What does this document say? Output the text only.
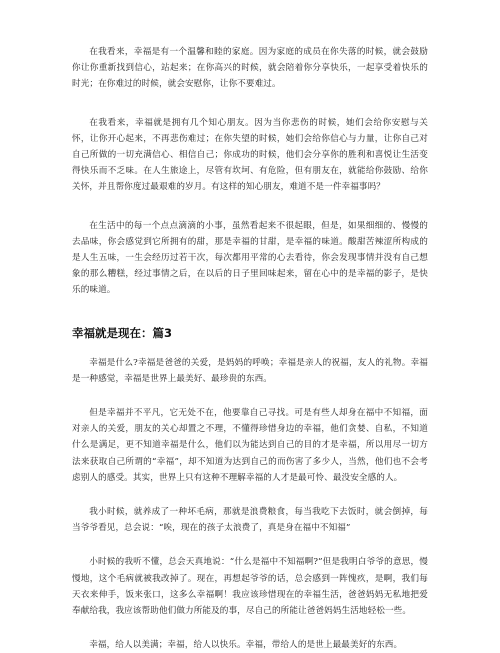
在我看来，幸福是有一个温馨和睦的家庭。因为家庭的成员在你失落的时候，就会鼓励你让你重新找到信心，站起来；在你高兴的时候，就会陪着你分享快乐，一起享受着快乐的时光；在你难过的时候，就会安慰你，让你不要难过。

在我看来，幸福就是拥有几个知心朋友。因为当你悲伤的时候，她们会给你安慰与关怀，让你开心起来，不再悲伤难过；在你失望的时候，她们会给你信心与力量，让你自己对自己所做的一切充满信心、相信自己；你成功的时候，他们会分享你的胜利和喜悦让生活变得快乐而不乏味。在人生旅途上，尽管有坎坷、有危险，但有朋友在，就能给你鼓励、给你关怀，并且帮你度过最艰难的岁月。有这样的知心朋友，难道不是一件幸福事吗？

在生活中的每一个点点滴滴的小事，虽然看起来不很起眼，但是，如果细细的、慢慢的去品味，你会感觉到它所拥有的甜，那是幸福的甘甜，是幸福的味道。酸甜苦辣涩所构成的是人生五味，一生会经历过若干次，每次都用平常的心去看待，你会发现事情并没有自己想象的那么糟糕，经过事情之后，在以后的日子里回味起来，留在心中的是幸福的影子，是快乐的味道。

幸福就是现在：篇3

幸福是什么?幸福是爸爸的关爱，是妈妈的呼唤；幸福是亲人的祝福，友人的礼物。幸福是一种感觉，幸福是世界上最美好、最珍贵的东西。

但是幸福并不平凡，它无处不在，他要靠自己寻找。可是有些人却身在福中不知福，面对亲人的关爱，朋友的关心却置之不理，不懂得珍惜身边的幸福，他们贪婪、自私，不知道什么是满足，更不知道幸福是什么，他们以为能达到自己的目的才是幸福，所以用尽一切方法来获取自己所谓的“幸福”，却不知道为达到自己的而伤害了多少人，当然，他们也不会考虑别人的感受。其实，世界上只有这种不理解幸福的人才是最可怜、最没安全感的人。

我小时候，就养成了一种坏毛病，那就是浪费粮食，每当我吃下去饭时，就会倒掉，每当爷爷看见，总会说：“唉，现在的孩子太浪费了，真是身在福中不知福”

小时候的我听不懂，总会天真地说：“什么是福中不知福啊?”但是我明白爷爷的意思，慢慢地，这个毛病就被我改掉了。现在，再想起爷爷的话，总会感到一阵愧疚，是啊，我们每天衣来伸手，饭来张口，这多么幸福啊！我应该珍惜现在的幸福生活，爸爸妈妈无私地把爱奉献给我，我应该帮助他们做力所能及的事，尽自己的所能让爸爸妈妈生活地轻松一些。

幸福，给人以美满；幸福，给人以快乐。幸福，带给人的是世上最最美好的东西。
